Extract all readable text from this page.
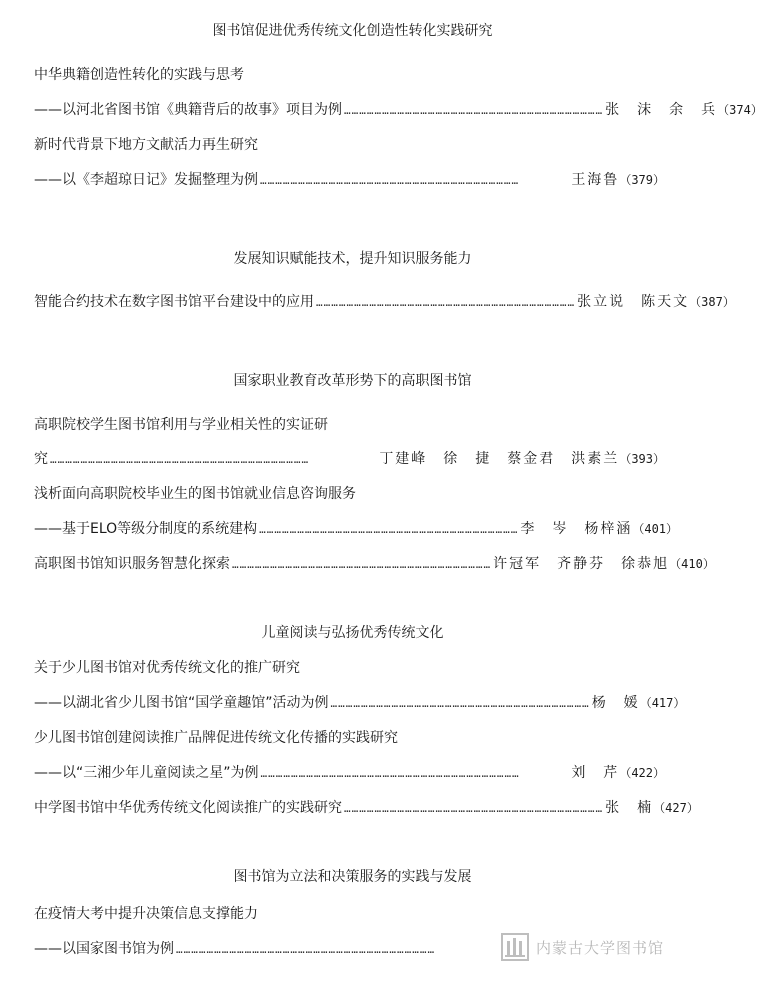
图书馆促进优秀传统文化创造性转化实践研究
中华典籍创造性转化的实践与思考
——以河北省图书馆《典籍背后的故事》项目为例 ………………………………………………………………………………………… 张　沫　余　兵 （374）
新时代背景下地方文献活力再生研究
——以《李超琼日记》发掘整理为例 …………………………………………………………………………………………	王海鲁 （379）
发展知识赋能技术，提升知识服务能力
智能合约技术在数字图书馆平台建设中的应用 ………………………………………………………………………………………… 张立说　陈天文 （387）
国家职业教育改革形势下的高职图书馆
高职院校学生图书馆利用与学业相关性的实证研
究 …………………………………………………………………………………………	丁建峰　徐　捷　蔡金君　洪素兰 （393）
浅析面向高职院校毕业生的图书馆就业信息咨询服务
——基于ELO等级分制度的系统建构 ………………………………………………………………………………………… 李　岑　杨梓涵 （401）
高职图书馆知识服务智慧化探索 ………………………………………………………………………………………… 许冠军　齐静芬　徐恭旭 （410）
儿童阅读与弘扬优秀传统文化
关于少儿图书馆对优秀传统文化的推广研究
——以湖北省少儿图书馆“国学童趣馆”活动为例 ………………………………………………………………………………………… 杨　媛 （417）
少儿图书馆创建阅读推广品牌促进传统文化传播的实践研究
——以“三湘少年儿童阅读之星”为例 …………………………………………………………………………………………	刘　芹 （422）
中学图书馆中华优秀传统文化阅读推广的实践研究 ………………………………………………………………………………………… 张　楠 （427）
图书馆为立法和决策服务的实践与发展
在疫情大考中提升决策信息支撑能力
——以国家图书馆为例 …………………………………………………………………………………………	内蒙古大学图书馆
